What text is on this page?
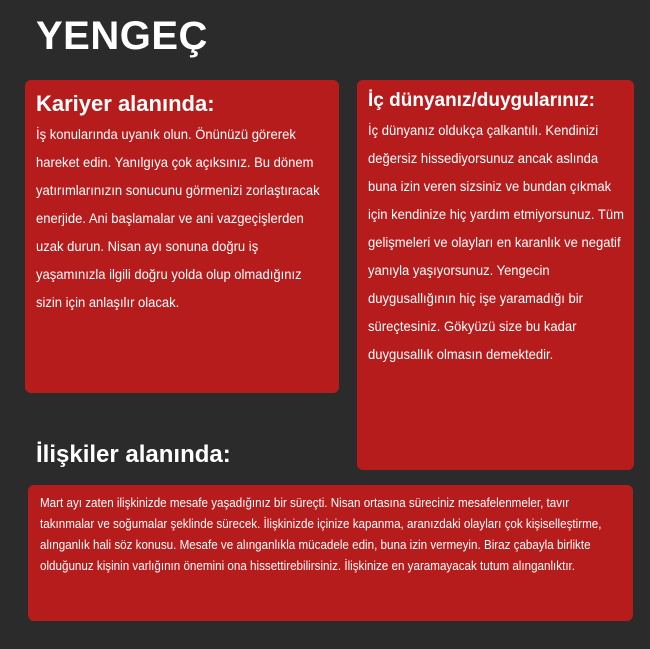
YENGEÇ
Kariyer alanında:
İş konularında uyanık olun. Önünüzü görerek hareket edin. Yanılgıya çok açıksınız. Bu dönem yatırımlarınızın sonucunu görmenizi zorlaştıracak enerjide. Ani başlamalar ve ani vazgeçişlerden uzak durun. Nisan ayı sonuna doğru iş yaşamınızla ilgili doğru yolda olup olmadığınız sizin için anlaşılır olacak.
İç dünyanız/duygularınız:
İç dünyanız oldukça çalkantılı. Kendinizi değersiz hissediyorsunuz ancak aslında buna izin veren sizsiniz ve bundan çıkmak için kendinize hiç yardım etmiyorsunuz. Tüm gelişmeleri ve olayları en karanlık ve negatif yanıyla yaşıyorsunuz. Yengecin duygusallığının hiç işe yaramadığı bir süreçtesiniz. Gökyüzü size bu kadar duygusallık olmasın demektedir.
İlişkiler alanında:
Mart ayı zaten ilişkinizde mesafe yaşadığınız bir süreçti. Nisan ortasına süreciniz mesafelenmeler, tavır takınmalar ve soğumalar şeklinde sürecek. İlişkinizde içinize kapanma, aranızdaki olayları çok kişiselleştirme, alınganlık hali söz konusu. Mesafe ve alınganlıkla mücadele edin, buna izin vermeyin. Biraz çabayla birlikte olduğunuz kişinin varlığının önemini ona hissettirebilirsiniz. İlişkinize en yaramayacak tutum alınganlıktır.
